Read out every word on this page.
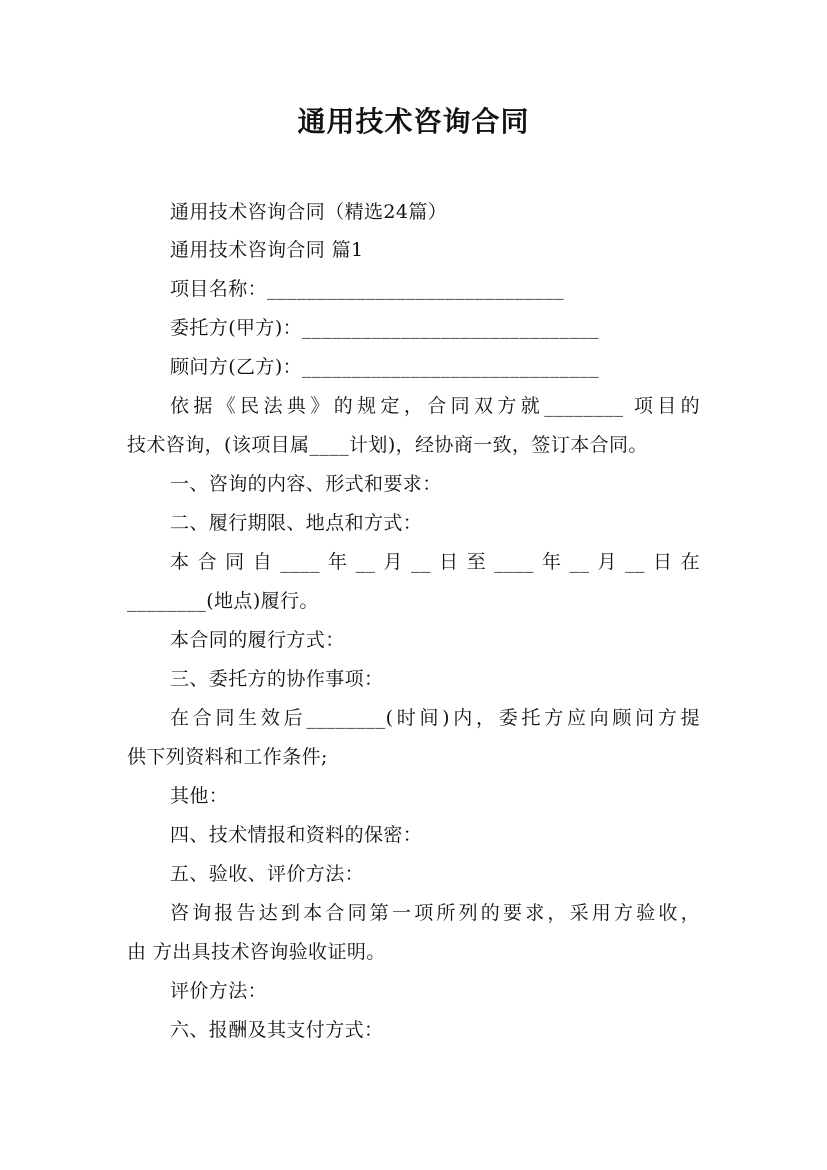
通用技术咨询合同
通用技术咨询合同（精选24篇）
通用技术咨询合同 篇1
项目名称：______________________________
委托方(甲方)：______________________________
顾问方(乙方)：______________________________
依据《民法典》的规定，合同双方就________ 项目的
技术咨询，(该项目属____计划)，经协商一致，签订本合同。
一、咨询的内容、形式和要求：
二、履行期限、地点和方式：
本合同自____年__月__日至____年__月__日在
________(地点)履行。
本合同的履行方式：
三、委托方的协作事项：
在合同生效后________(时间)内，委托方应向顾问方提
供下列资料和工作条件;
其他：
四、技术情报和资料的保密：
五、验收、评价方法：
咨询报告达到本合同第一项所列的要求，采用方验收，
由 方出具技术咨询验收证明。
评价方法：
六、报酬及其支付方式：
